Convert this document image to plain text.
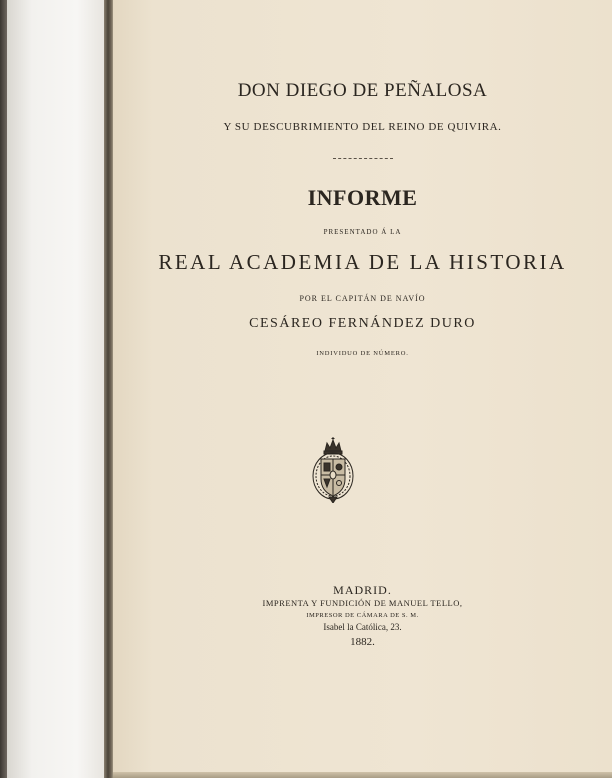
DON DIEGO DE PEÑALOSA
Y SU DESCUBRIMIENTO DEL REINO DE QUIVIRA.
INFORME
PRESENTADO Á LA
REAL ACADEMIA DE LA HISTORIA
POR EL CAPITÁN DE NAVÍO
CESÁREO FERNÁNDEZ DURO
INDIVIDUO DE NÚMERO.
MADRID.
IMPRENTA Y FUNDICIÓN DE MANUEL TELLO,
IMPRESOR DE CÁMARA DE S. M.
Isabel la Católica, 23.
1882.
